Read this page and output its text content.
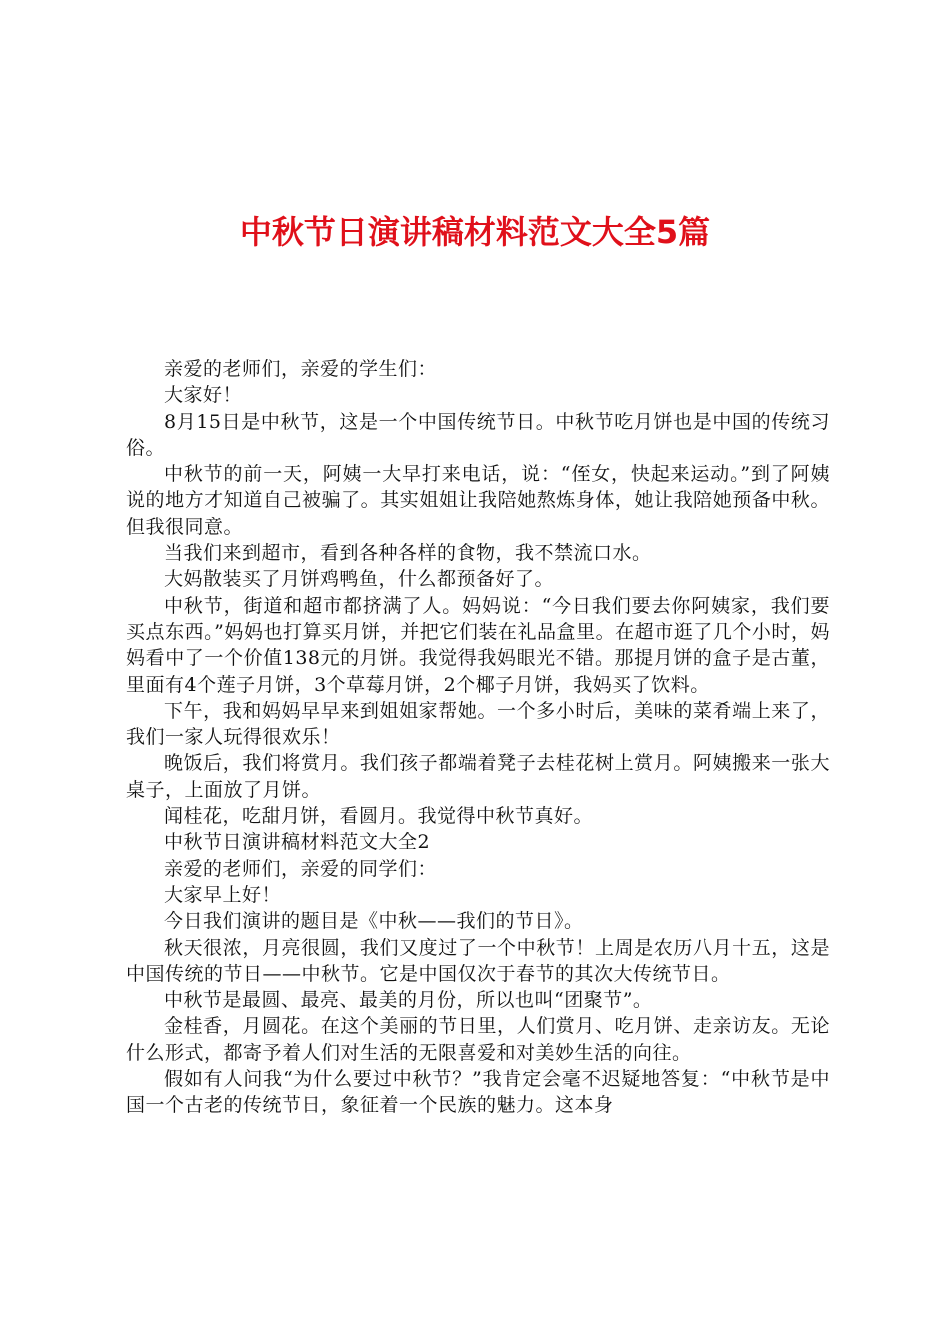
中秋节日演讲稿材料范文大全5篇

亲爱的老师们，亲爱的学生们：

大家好！

8月15日是中秋节，这是一个中国传统节日。中秋节吃月饼也是中国的传统习俗。

中秋节的前一天，阿姨一大早打来电话，说：“侄女，快起来运动。”到了阿姨说的地方才知道自己被骗了。其实姐姐让我陪她熬炼身体，她让我陪她预备中秋。但我很同意。

当我们来到超市，看到各种各样的食物，我不禁流口水。

大妈散装买了月饼鸡鸭鱼，什么都预备好了。

中秋节，街道和超市都挤满了人。妈妈说：“今日我们要去你阿姨家，我们要买点东西。”妈妈也打算买月饼，并把它们装在礼品盒里。在超市逛了几个小时，妈妈看中了一个价值138元的月饼。我觉得我妈眼光不错。那提月饼的盒子是古董，里面有4个莲子月饼，3个草莓月饼，2个椰子月饼，我妈买了饮料。

下午，我和妈妈早早来到姐姐家帮她。一个多小时后，美味的菜肴端上来了，我们一家人玩得很欢乐！

晚饭后，我们将赏月。我们孩子都端着凳子去桂花树上赏月。阿姨搬来一张大桌子，上面放了月饼。

闻桂花，吃甜月饼，看圆月。我觉得中秋节真好。

中秋节日演讲稿材料范文大全2

亲爱的老师们，亲爱的同学们：

大家早上好！

今日我们演讲的题目是《中秋——我们的节日》。

秋天很浓，月亮很圆，我们又度过了一个中秋节！上周是农历八月十五，这是中国传统的节日——中秋节。它是中国仅次于春节的其次大传统节日。

中秋节是最圆、最亮、最美的月份，所以也叫“团聚节”。

金桂香，月圆花。在这个美丽的节日里，人们赏月、吃月饼、走亲访友。无论什么形式，都寄予着人们对生活的无限喜爱和对美妙生活的向往。

假如有人问我“为什么要过中秋节？”我肯定会毫不迟疑地答复：“中秋节是中国一个古老的传统节日，象征着一个民族的魅力。这本身
